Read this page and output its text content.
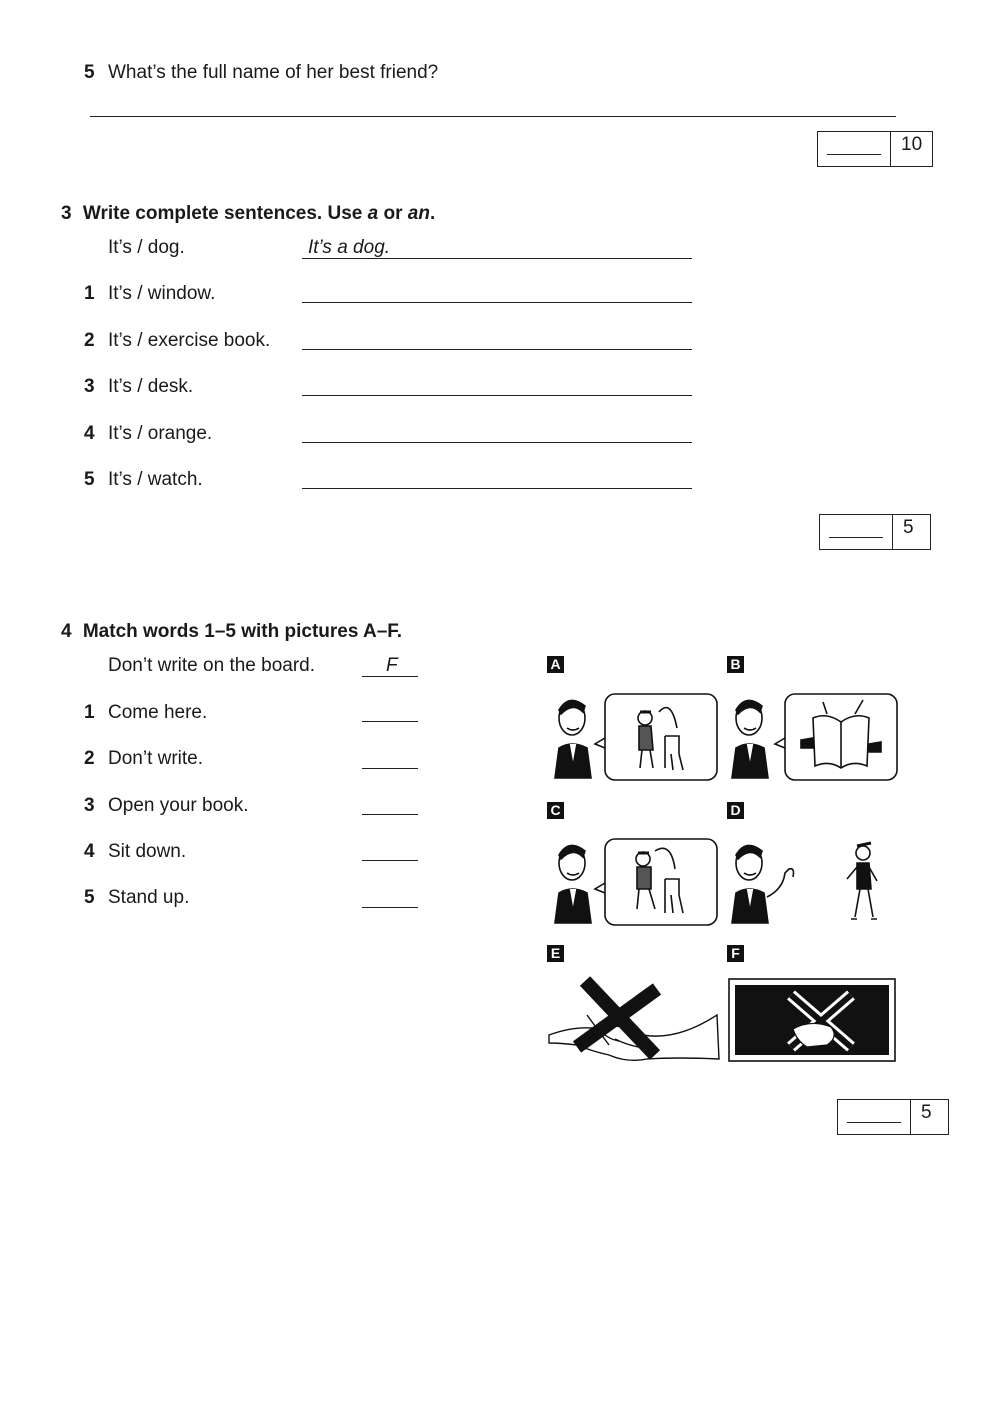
5 What’s the full name of her best friend?
10
3 Write complete sentences. Use a or an.
It’s / dog.	It’s a dog.
1 It’s / window.
2 It’s / exercise book.
3 It’s / desk.
4 It’s / orange.
5 It’s / watch.
5
4 Match words 1–5 with pictures A–F.
Don’t write on the board.	F
1 Come here.
2 Don’t write.
3 Open your book.
4 Sit down.
5 Stand up.
A	B
C	D
E	F
5
